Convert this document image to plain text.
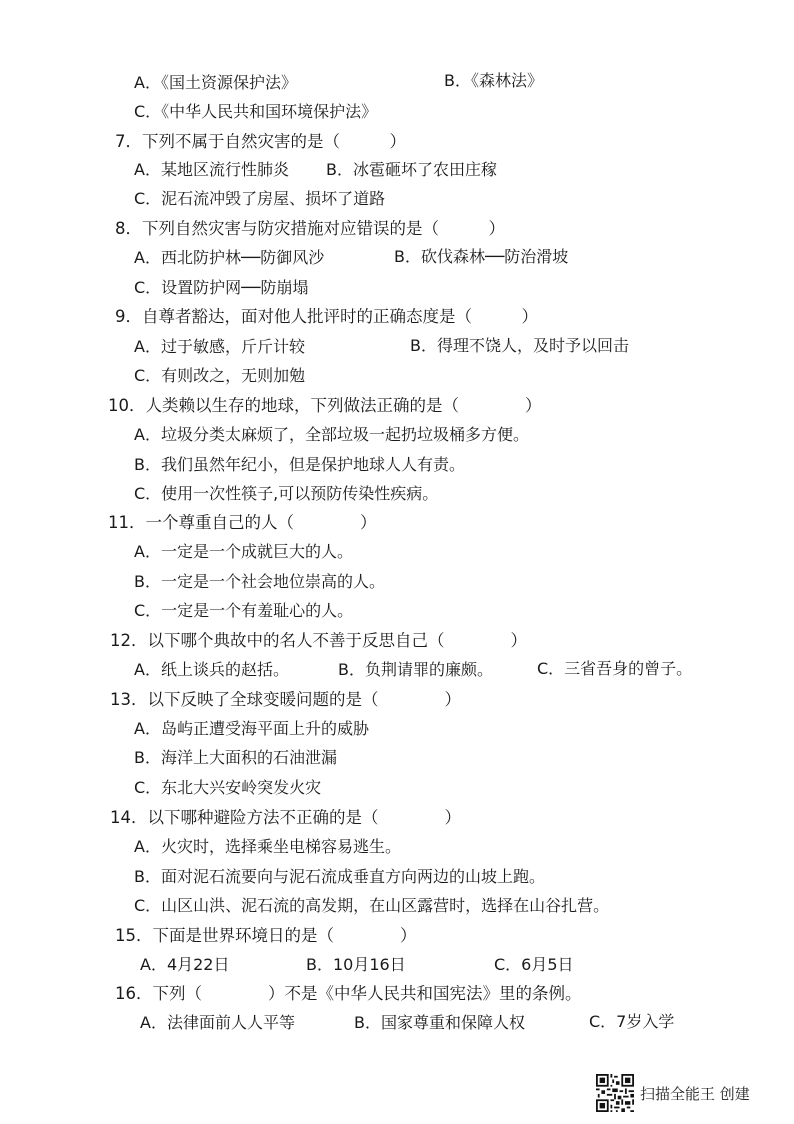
A．《国土资源保护法》	B．《森林法》
C．《中华人民共和国环境保护法》
7．下列不属于自然灾害的是（　　　）
A．某地区流行性肺炎 B．冰雹砸坏了农田庄稼
C．泥石流冲毁了房屋、损坏了道路
8．下列自然灾害与防灾措施对应错误的是（　　　）
A．西北防护林──防御风沙	B．砍伐森林──防治滑坡
C．设置防护网──防崩塌
9．自尊者豁达，面对他人批评时的正确态度是（　　　）
A．过于敏感，斤斤计较	B．得理不饶人，及时予以回击
C．有则改之，无则加勉
10．人类赖以生存的地球，下列做法正确的是（　　　　）
A．垃圾分类太麻烦了，全部垃圾一起扔垃圾桶多方便。
B．我们虽然年纪小，但是保护地球人人有责。
C．使用一次性筷子,可以预防传染性疾病。
11．一个尊重自己的人（　　　　）
A．一定是一个成就巨大的人。
B．一定是一个社会地位崇高的人。
C．一定是一个有羞耻心的人。
12．以下哪个典故中的名人不善于反思自己（　　　　）
A．纸上谈兵的赵括。	B．负荆请罪的廉颇。	C．三省吾身的曾子。
13．以下反映了全球变暖问题的是（　　　　）
A．岛屿正遭受海平面上升的威胁
B．海洋上大面积的石油泄漏
C．东北大兴安岭突发火灾
14．以下哪种避险方法不正确的是（　　　　）
A．火灾时，选择乘坐电梯容易逃生。
B．面对泥石流要向与泥石流成垂直方向两边的山坡上跑。
C．山区山洪、泥石流的高发期，在山区露营时，选择在山谷扎营。
15．下面是世界环境日的是（　　　　）
A．4月22日	B．10月16日	C．6月5日
16．下列（　　　　）不是《中华人民共和国宪法》里的条例。
A．法律面前人人平等	B．国家尊重和保障人权	C．7岁入学
扫描全能王 创建
